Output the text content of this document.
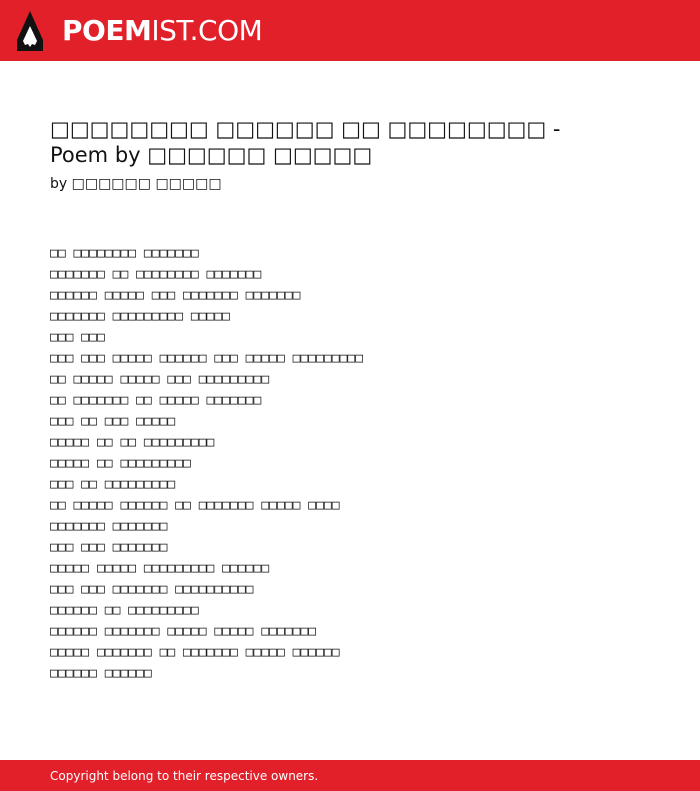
POEMIST.COM
□□□□□□□□ □□□□□□ □□ □□□□□□□□ -
Poem by □□□□□□ □□□□□
by □□□□□□ □□□□□
□□ □□□□□□□□ □□□□□□□
□□□□□□□ □□ □□□□□□□□ □□□□□□□
□□□□□□ □□□□□ □□□ □□□□□□□ □□□□□□□
□□□□□□□ □□□□□□□□□ □□□□□
□□□ □□□
□□□ □□□ □□□□□ □□□□□□ □□□ □□□□□ □□□□□□□□□
□□ □□□□□ □□□□□ □□□ □□□□□□□□□
□□ □□□□□□□ □□ □□□□□ □□□□□□□
□□□ □□ □□□ □□□□□
□□□□□ □□ □□ □□□□□□□□□
□□□□□ □□ □□□□□□□□□
□□□ □□ □□□□□□□□□
□□ □□□□□ □□□□□□ □□ □□□□□□□ □□□□□ □□□□
□□□□□□□ □□□□□□□
□□□ □□□ □□□□□□□
□□□□□ □□□□□ □□□□□□□□□ □□□□□□
□□□ □□□ □□□□□□□ □□□□□□□□□□
□□□□□□ □□ □□□□□□□□□
□□□□□□ □□□□□□□ □□□□□ □□□□□ □□□□□□□
□□□□□ □□□□□□□ □□ □□□□□□□ □□□□□ □□□□□□
□□□□□□ □□□□□□
Copyright belong to their respective owners.
